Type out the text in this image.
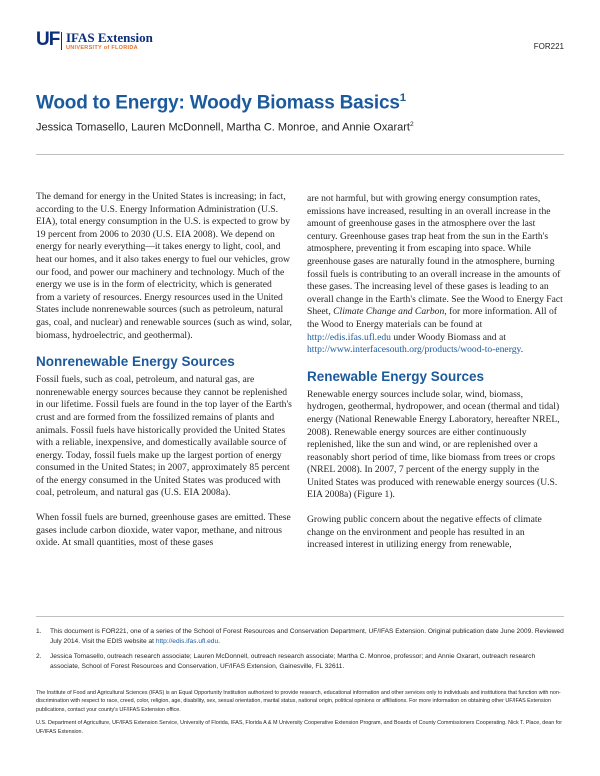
UF IFAS Extension
UNIVERSITY of FLORIDA	FOR221
Wood to Energy: Woody Biomass Basics$^1$
Jessica Tomasello, Lauren McDonnell, Martha C. Monroe, and Annie Oxarart$^2$

The demand for energy in the United States is increasing; in fact, according to the U.S. Energy Information Administration (U.S. EIA), total energy consumption in the U.S. is expected to grow by 19 percent from 2006 to 2030 (U.S. EIA 2008). We depend on energy for nearly everything—it takes energy to light, cool, and heat our homes, and it also takes energy to fuel our vehicles, grow our food, and power our machinery and technology. Much of the energy we use is in the form of electricity, which is generated from a variety of resources. Energy resources used in the United States include nonrenewable sources (such as petroleum, natural gas, coal, and nuclear) and renewable sources (such as wind, solar, biomass, hydroelectric, and geothermal).

Nonrenewable Energy Sources

Fossil fuels, such as coal, petroleum, and natural gas, are nonrenewable energy sources because they cannot be replenished in our lifetime. Fossil fuels are found in the top layer of the Earth's crust and are formed from the fossilized remains of plants and animals. Fossil fuels have historically provided the United States with a reliable, inexpensive, and domestically available source of energy. Today, fossil fuels make up the largest portion of energy consumed in the United States; in 2007, approximately 85 percent of the energy consumed in the United States was produced with coal, petroleum, and natural gas (U.S. EIA 2008a).

When fossil fuels are burned, greenhouse gases are emitted. These gases include carbon dioxide, water vapor, methane, and nitrous oxide. At small quantities, most of these gases

are not harmful, but with growing energy consumption rates, emissions have increased, resulting in an overall increase in the amount of greenhouse gases in the atmosphere over the last century. Greenhouse gases trap heat from the sun in the Earth's atmosphere, preventing it from escaping into space. While greenhouse gases are naturally found in the atmosphere, burning fossil fuels is contributing to an overall increase in the amounts of these gases. The increasing level of these gases is leading to an overall change in the Earth's climate. See the Wood to Energy Fact Sheet, Climate Change and Carbon, for more information. All of the Wood to Energy materials can be found at http://edis.ifas.ufl.edu under Woody Biomass and at http://www.interfacesouth.org/products/wood-to-energy.

Renewable Energy Sources

Renewable energy sources include solar, wind, biomass, hydrogen, geothermal, hydropower, and ocean (thermal and tidal) energy (National Renewable Energy Laboratory, hereafter NREL, 2008). Renewable energy sources are either continuously replenished, like the sun and wind, or are replenished over a reasonably short period of time, like biomass from trees or crops (NREL 2008). In 2007, 7 percent of the energy supply in the United States was produced with renewable energy sources (U.S. EIA 2008a) (Figure 1).

Growing public concern about the negative effects of climate change on the environment and people has resulted in an increased interest in utilizing energy from renewable,

1. This document is FOR221, one of a series of the School of Forest Resources and Conservation Department, UF/IFAS Extension. Original publication date June 2009. Reviewed July 2014. Visit the EDIS website at http://edis.ifas.ufl.edu.
2. Jessica Tomasello, outreach research associate; Lauren McDonnell, outreach research associate; Martha C. Monroe, professor; and Annie Oxarart, outreach research associate, School of Forest Resources and Conservation, UF/IFAS Extension, Gainesville, FL 32611.

The Institute of Food and Agricultural Sciences (IFAS) is an Equal Opportunity Institution authorized to provide research, educational information and other services only to individuals and institutions that function with non-discrimination with respect to race, creed, color, religion, age, disability, sex, sexual orientation, marital status, national origin, political opinions or affiliations. For more information on obtaining other UF/IFAS Extension publications, contact your county's UF/IFAS Extension office.

U.S. Department of Agriculture, UF/IFAS Extension Service, University of Florida, IFAS, Florida A & M University Cooperative Extension Program, and Boards of County Commissioners Cooperating. Nick T. Place, dean for UF/IFAS Extension.
